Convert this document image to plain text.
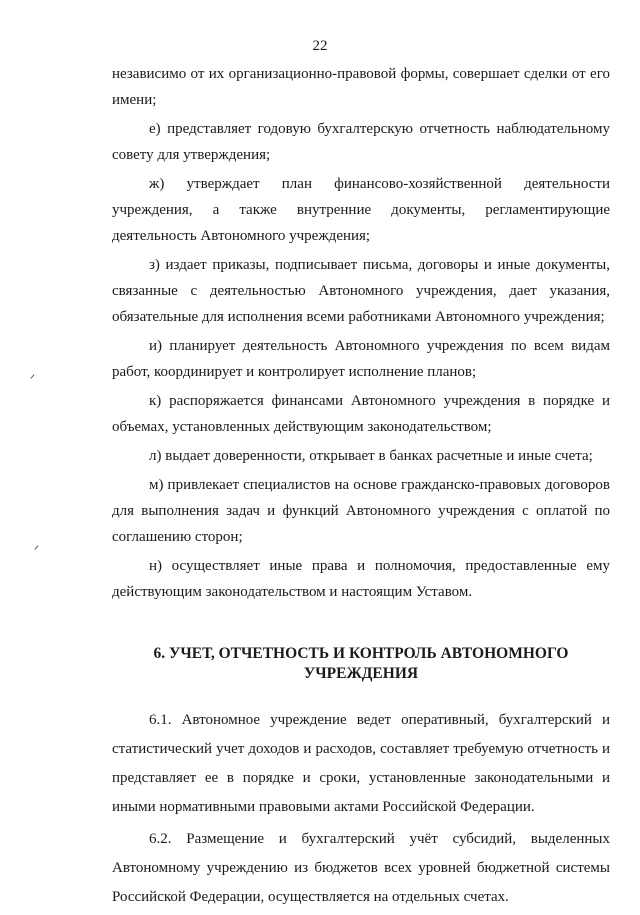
22

независимо от их организационно-правовой формы, совершает сделки от его имени;

е) представляет годовую бухгалтерскую отчетность наблюдательному совету для утверждения;

ж) утверждает план финансово-хозяйственной деятельности учреждения, а также внутренние документы, регламентирующие деятельность Автономного учреждения;

з) издает приказы, подписывает письма, договоры и иные документы, связанные с деятельностью Автономного учреждения, дает указания, обязательные для исполнения всеми работниками Автономного учреждения;

и) планирует деятельность Автономного учреждения по всем видам работ, координирует и контролирует исполнение планов;

к) распоряжается финансами Автономного учреждения в порядке и объемах, установленных действующим законодательством;

л) выдает доверенности, открывает в банках расчетные и иные счета;

м) привлекает специалистов на основе гражданско-правовых договоров для выполнения задач и функций Автономного учреждения с оплатой по соглашению сторон;

н) осуществляет иные права и полномочия, предоставленные ему действующим законодательством и настоящим Уставом.

6. УЧЕТ, ОТЧЕТНОСТЬ И КОНТРОЛЬ АВТОНОМНОГО
УЧРЕЖДЕНИЯ

6.1. Автономное учреждение ведет оперативный, бухгалтерский и статистический учет доходов и расходов, составляет требуемую отчетность и представляет ее в порядке и сроки, установленные законодательными и иными нормативными правовыми актами Российской Федерации.

6.2. Размещение и бухгалтерский учёт субсидий, выделенных Автономному учреждению из бюджетов всех уровней бюджетной системы Российской Федерации, осуществляется на отдельных счетах.

ᐟ
ᐟ
